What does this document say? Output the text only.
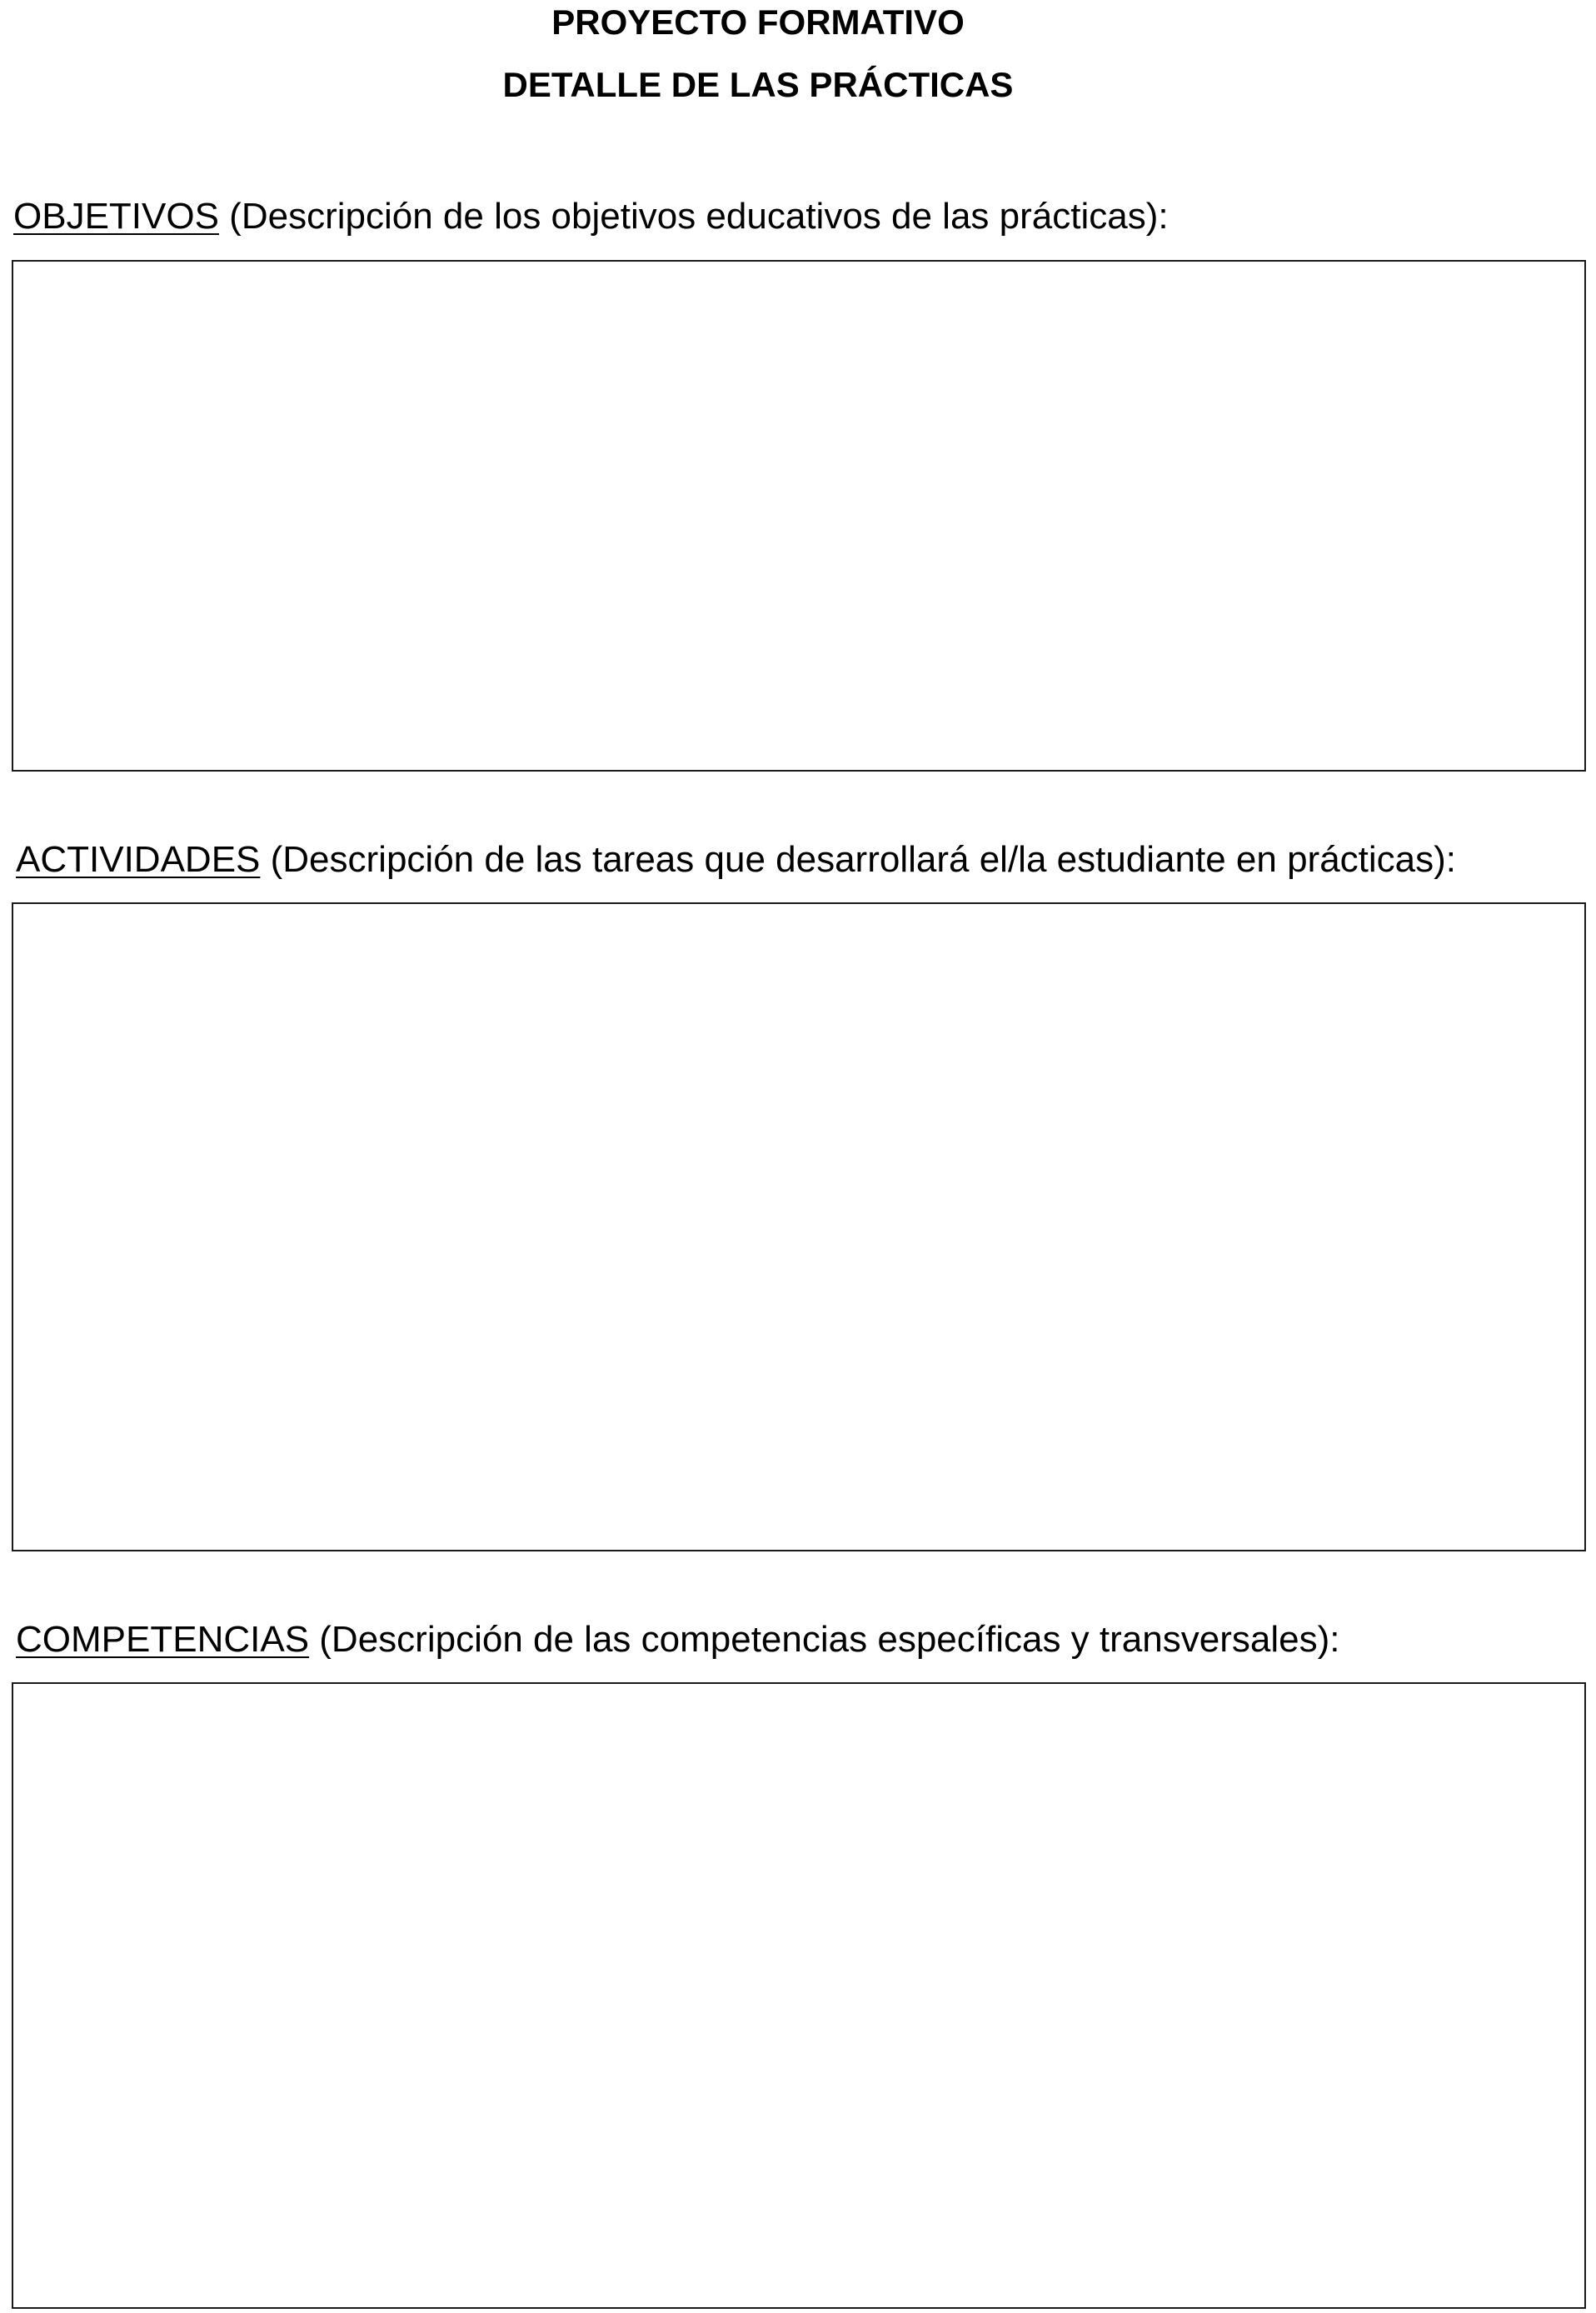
PROYECTO FORMATIVO
DETALLE DE LAS PRÁCTICAS
OBJETIVOS (Descripción de los objetivos educativos de las prácticas):
ACTIVIDADES (Descripción de las tareas que desarrollará el/la estudiante en prácticas):
COMPETENCIAS (Descripción de las competencias específicas y transversales):
